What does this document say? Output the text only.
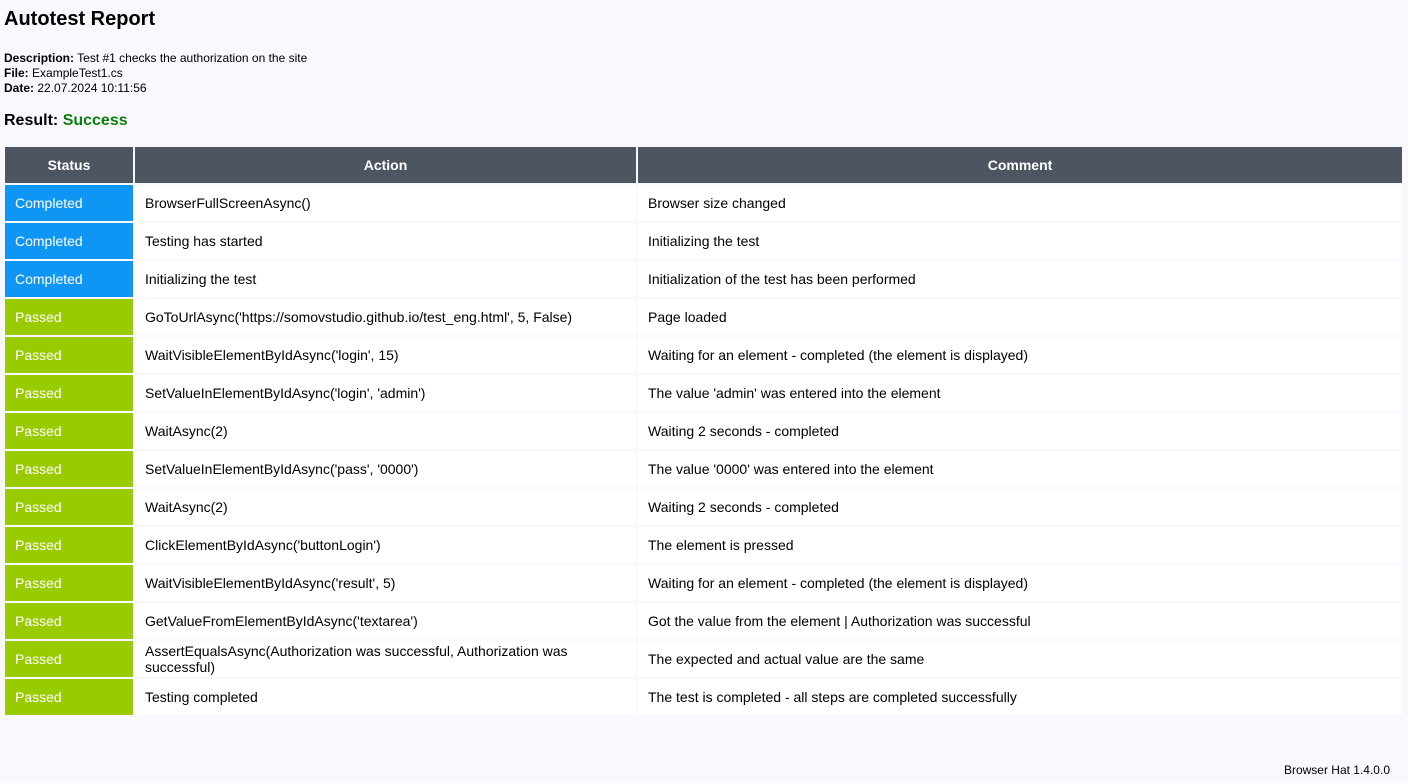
Autotest Report
Description: Test #1 checks the authorization on the site
File: ExampleTest1.cs
Date: 22.07.2024 10:11:56
Result: Success
Status	Action	Comment
Completed	BrowserFullScreenAsync()	Browser size changed
Completed	Testing has started	Initializing the test
Completed	Initializing the test	Initialization of the test has been performed
Passed	GoToUrlAsync('https://somovstudio.github.io/test_eng.html', 5, False)	Page loaded
Passed	WaitVisibleElementByIdAsync('login', 15)	Waiting for an element - completed (the element is displayed)
Passed	SetValueInElementByIdAsync('login', 'admin')	The value 'admin' was entered into the element
Passed	WaitAsync(2)	Waiting 2 seconds - completed
Passed	SetValueInElementByIdAsync('pass', '0000')	The value '0000' was entered into the element
Passed	WaitAsync(2)	Waiting 2 seconds - completed
Passed	ClickElementByIdAsync('buttonLogin')	The element is pressed
Passed	WaitVisibleElementByIdAsync('result', 5)	Waiting for an element - completed (the element is displayed)
Passed	GetValueFromElementByIdAsync('textarea')	Got the value from the element | Authorization was successful
Passed	AssertEqualsAsync(Authorization was successful, Authorization was successful)	The expected and actual value are the same
Passed	Testing completed	The test is completed - all steps are completed successfully
Browser Hat 1.4.0.0
